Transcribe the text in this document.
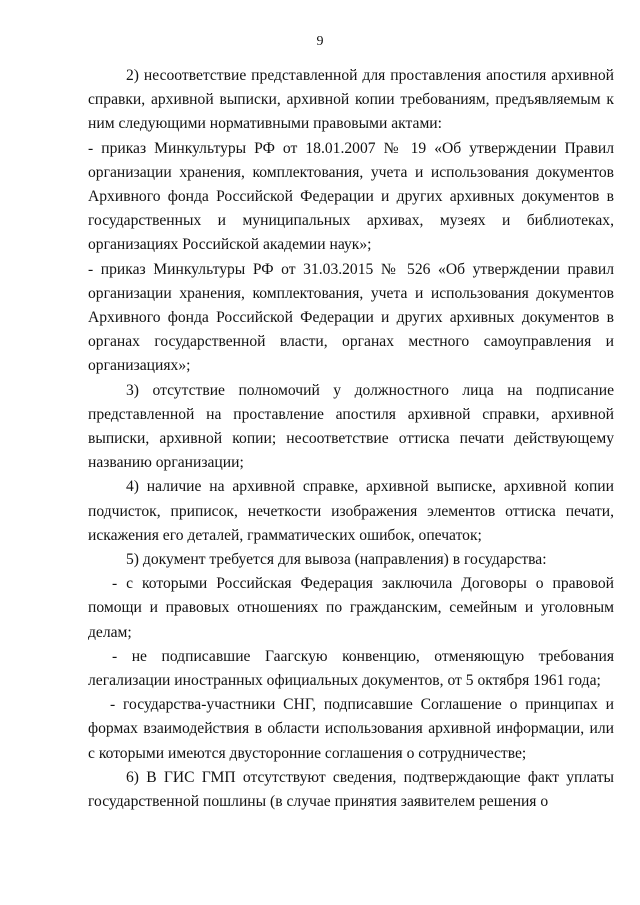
9

2) несоответствие представленной для проставления апостиля архивной справки, архивной выписки, архивной копии требованиям, предъявляемым к ним следующими нормативными правовыми актами:

- приказ Минкультуры РФ от 18.01.2007 № 19 «Об утверждении Правил организации хранения, комплектования, учета и использования документов Архивного фонда Российской Федерации и других архивных документов в государственных и муниципальных архивах, музеях и библиотеках, организациях Российской академии наук»;

- приказ Минкультуры РФ от 31.03.2015 № 526 «Об утверждении правил организации хранения, комплектования, учета и использования документов Архивного фонда Российской Федерации и других архивных документов в органах государственной власти, органах местного самоуправления и организациях»;

3) отсутствие полномочий у должностного лица на подписание представленной на проставление апостиля архивной справки, архивной выписки, архивной копии; несоответствие оттиска печати действующему названию организации;

4) наличие на архивной справке, архивной выписке, архивной копии подчисток, приписок, нечеткости изображения элементов оттиска печати, искажения его деталей, грамматических ошибок, опечаток;

5) документ требуется для вывоза (направления) в государства:

- с которыми Российская Федерация заключила Договоры о правовой помощи и правовых отношениях по гражданским, семейным и уголовным делам;

- не подписавшие Гаагскую конвенцию, отменяющую требования легализации иностранных официальных документов, от 5 октября 1961 года;

- государства-участники СНГ, подписавшие Соглашение о принципах и формах взаимодействия в области использования архивной информации, или с которыми имеются двусторонние соглашения о сотрудничестве;

6) В ГИС ГМП отсутствуют сведения, подтверждающие факт уплаты государственной пошлины (в случае принятия заявителем решения о
